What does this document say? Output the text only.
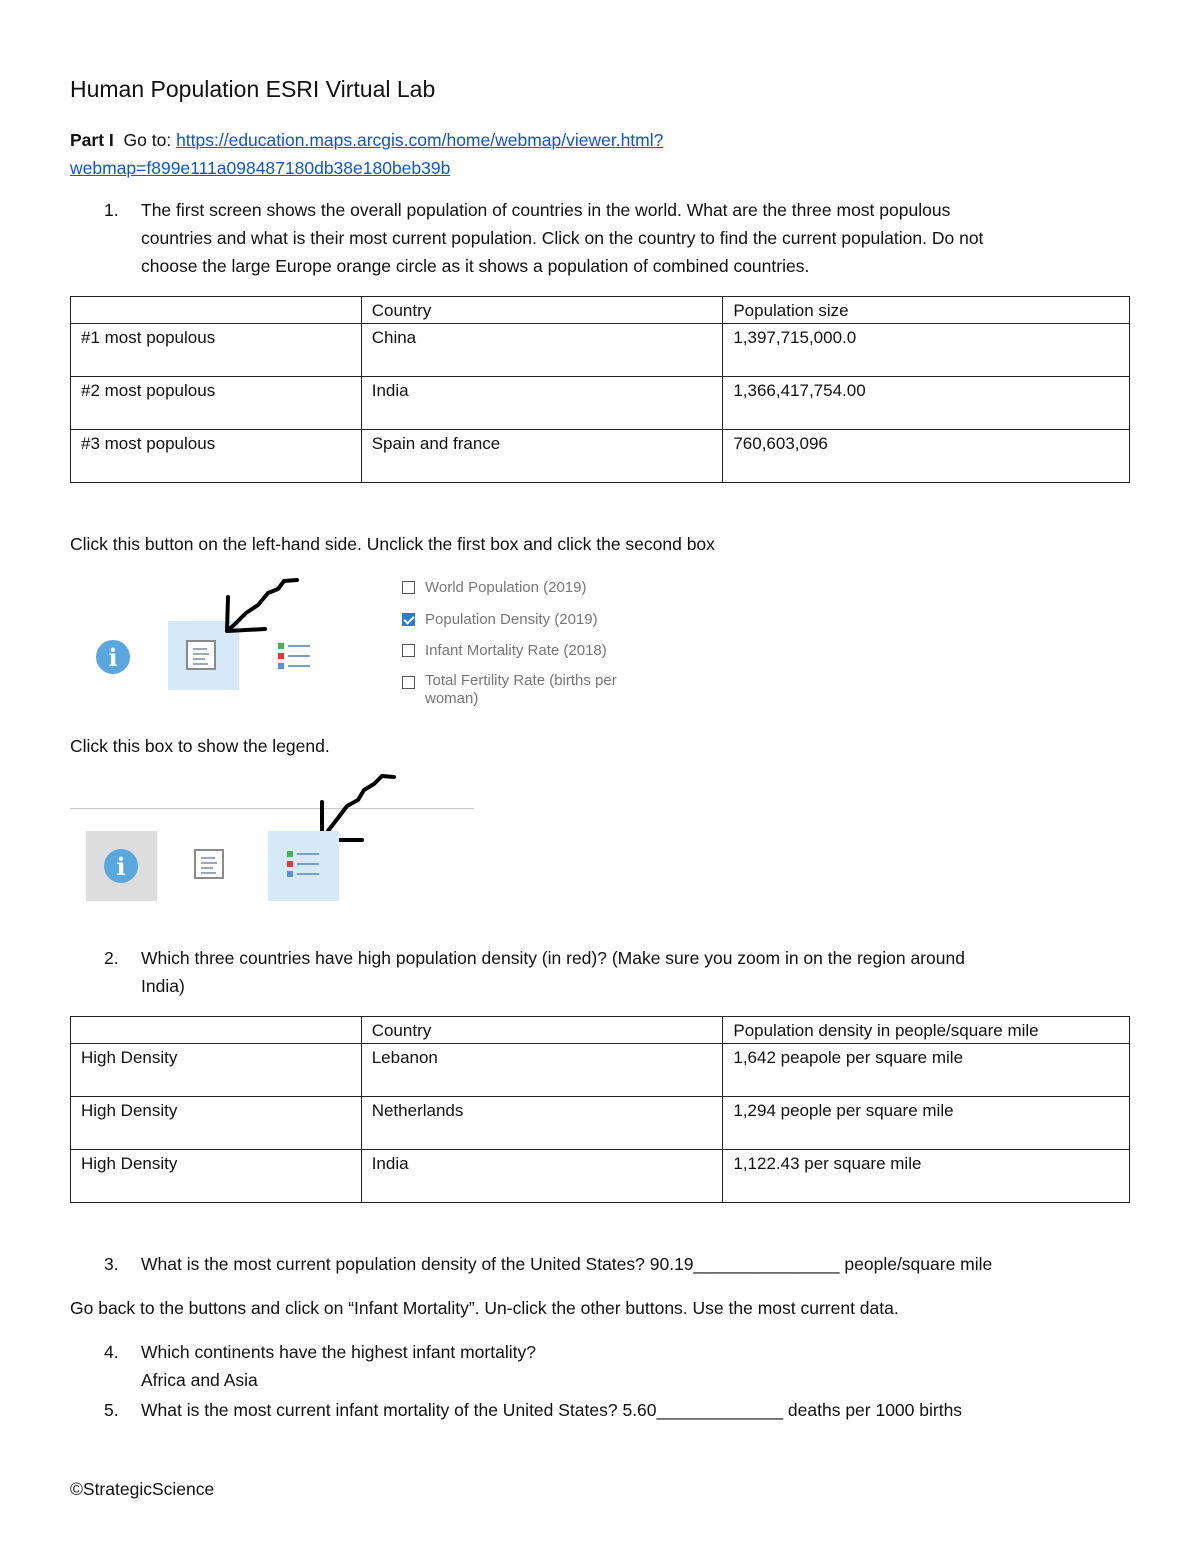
Human Population ESRI Virtual Lab
Part I Go to: https://education.maps.arcgis.com/home/webmap/viewer.html?
webmap=f899e111a098487180db38e180beb39b
1. The first screen shows the overall population of countries in the world. What are the three most populous
countries and what is their most current population. Click on the country to find the current population. Do not
choose the large Europe orange circle as it shows a population of combined countries.
	Country	Population size
#1 most populous	China	1,397,715,000.0
#2 most populous	India	1,366,417,754.00
#3 most populous	Spain and france	760,603,096
Click this button on the left-hand side. Unclick the first box and click the second box
i
World Population (2019)
Population Density (2019)
Infant Mortality Rate (2018)
Total Fertility Rate (births per
woman)
Click this box to show the legend.
i
2. Which three countries have high population density (in red)? (Make sure you zoom in on the region around
India)
	Country	Population density in people/square mile
High Density	Lebanon	1,642 peapole per square mile
High Density	Netherlands	1,294 people per square mile
High Density	India	1,122.43 per square mile
3. What is the most current population density of the United States? 90.19_______________ people/square mile
Go back to the buttons and click on “Infant Mortality”. Un-click the other buttons. Use the most current data.
4. Which continents have the highest infant mortality?
Africa and Asia
5. What is the most current infant mortality of the United States? 5.60_____________ deaths per 1000 births
©StrategicScience
